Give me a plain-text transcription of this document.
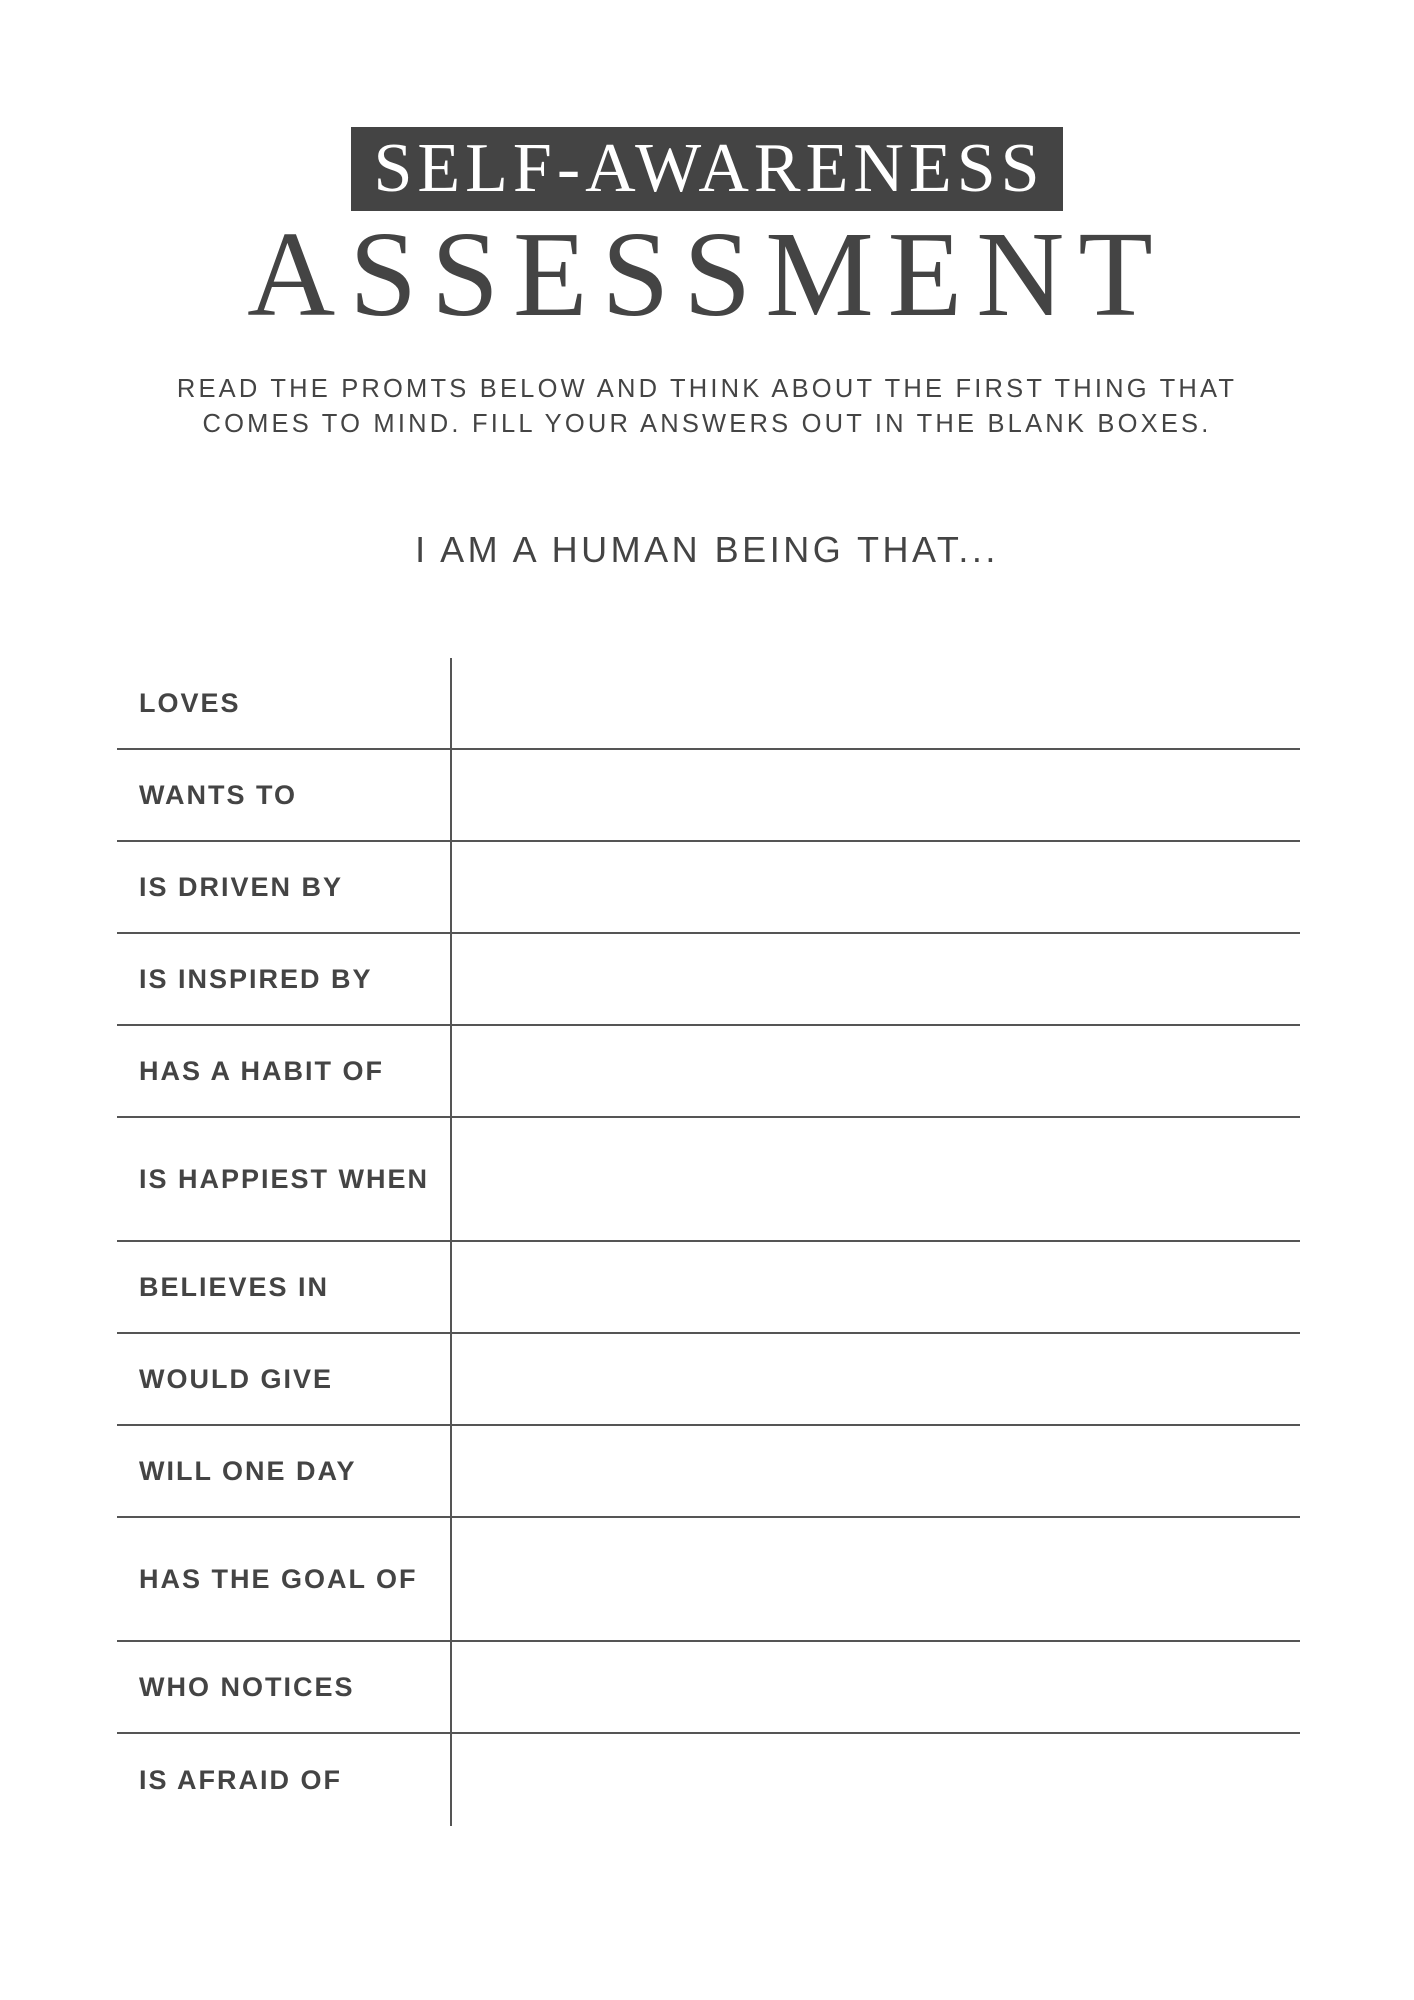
SELF-AWARENESS
ASSESSMENT
READ THE PROMTS BELOW AND THINK ABOUT THE FIRST THING THAT
COMES TO MIND. FILL YOUR ANSWERS OUT IN THE BLANK BOXES.
I AM A HUMAN BEING THAT...
LOVES
WANTS TO
IS DRIVEN BY
IS INSPIRED BY
HAS A HABIT OF
IS HAPPIEST WHEN
BELIEVES IN
WOULD GIVE
WILL ONE DAY
HAS THE GOAL OF
WHO NOTICES
IS AFRAID OF
